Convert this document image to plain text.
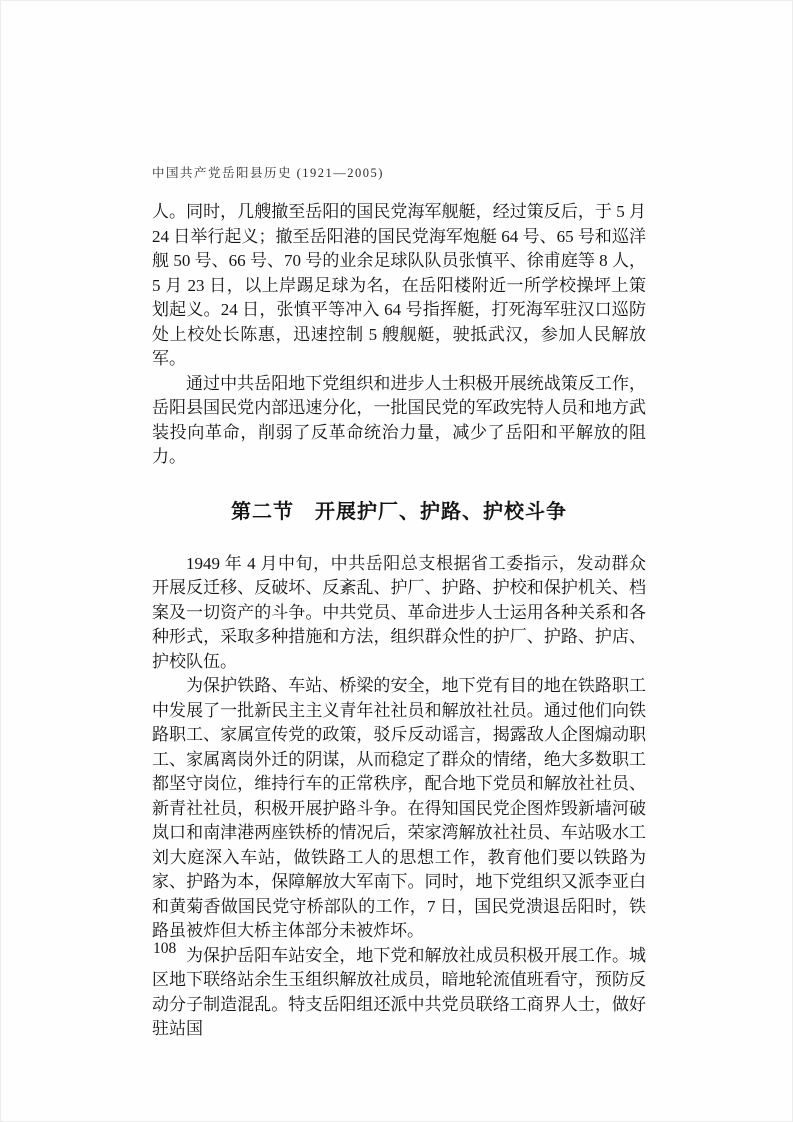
中国共产党岳阳县历史 (1921—2005)

人。同时，几艘撤至岳阳的国民党海军舰艇，经过策反后，于 5 月 24 日举行起义；撤至岳阳港的国民党海军炮艇 64 号、65 号和巡洋舰 50 号、66 号、70 号的业余足球队队员张慎平、徐甫庭等 8 人，5 月 23 日，以上岸踢足球为名，在岳阳楼附近一所学校操坪上策划起义。24 日，张慎平等冲入 64 号指挥艇，打死海军驻汉口巡防处上校处长陈惠，迅速控制 5 艘舰艇，驶抵武汉，参加人民解放军。

通过中共岳阳地下党组织和进步人士积极开展统战策反工作，岳阳县国民党内部迅速分化，一批国民党的军政宪特人员和地方武装投向革命，削弱了反革命统治力量，减少了岳阳和平解放的阻力。

第二节　开展护厂、护路、护校斗争

1949 年 4 月中旬，中共岳阳总支根据省工委指示，发动群众开展反迁移、反破坏、反紊乱、护厂、护路、护校和保护机关、档案及一切资产的斗争。中共党员、革命进步人士运用各种关系和各种形式，采取多种措施和方法，组织群众性的护厂、护路、护店、护校队伍。

为保护铁路、车站、桥梁的安全，地下党有目的地在铁路职工中发展了一批新民主主义青年社社员和解放社社员。通过他们向铁路职工、家属宣传党的政策，驳斥反动谣言，揭露敌人企图煽动职工、家属离岗外迁的阴谋，从而稳定了群众的情绪，绝大多数职工都坚守岗位，维持行车的正常秩序，配合地下党员和解放社社员、新青社社员，积极开展护路斗争。在得知国民党企图炸毁新墙河破岚口和南津港两座铁桥的情况后，荣家湾解放社社员、车站吸水工刘大庭深入车站，做铁路工人的思想工作，教育他们要以铁路为家、护路为本，保障解放大军南下。同时，地下党组织又派李亚白和黄菊香做国民党守桥部队的工作，7 日，国民党溃退岳阳时，铁路虽被炸但大桥主体部分未被炸坏。

为保护岳阳车站安全，地下党和解放社成员积极开展工作。城区地下联络站余生玉组织解放社成员，暗地轮流值班看守，预防反动分子制造混乱。特支岳阳组还派中共党员联络工商界人士，做好驻站国

108
